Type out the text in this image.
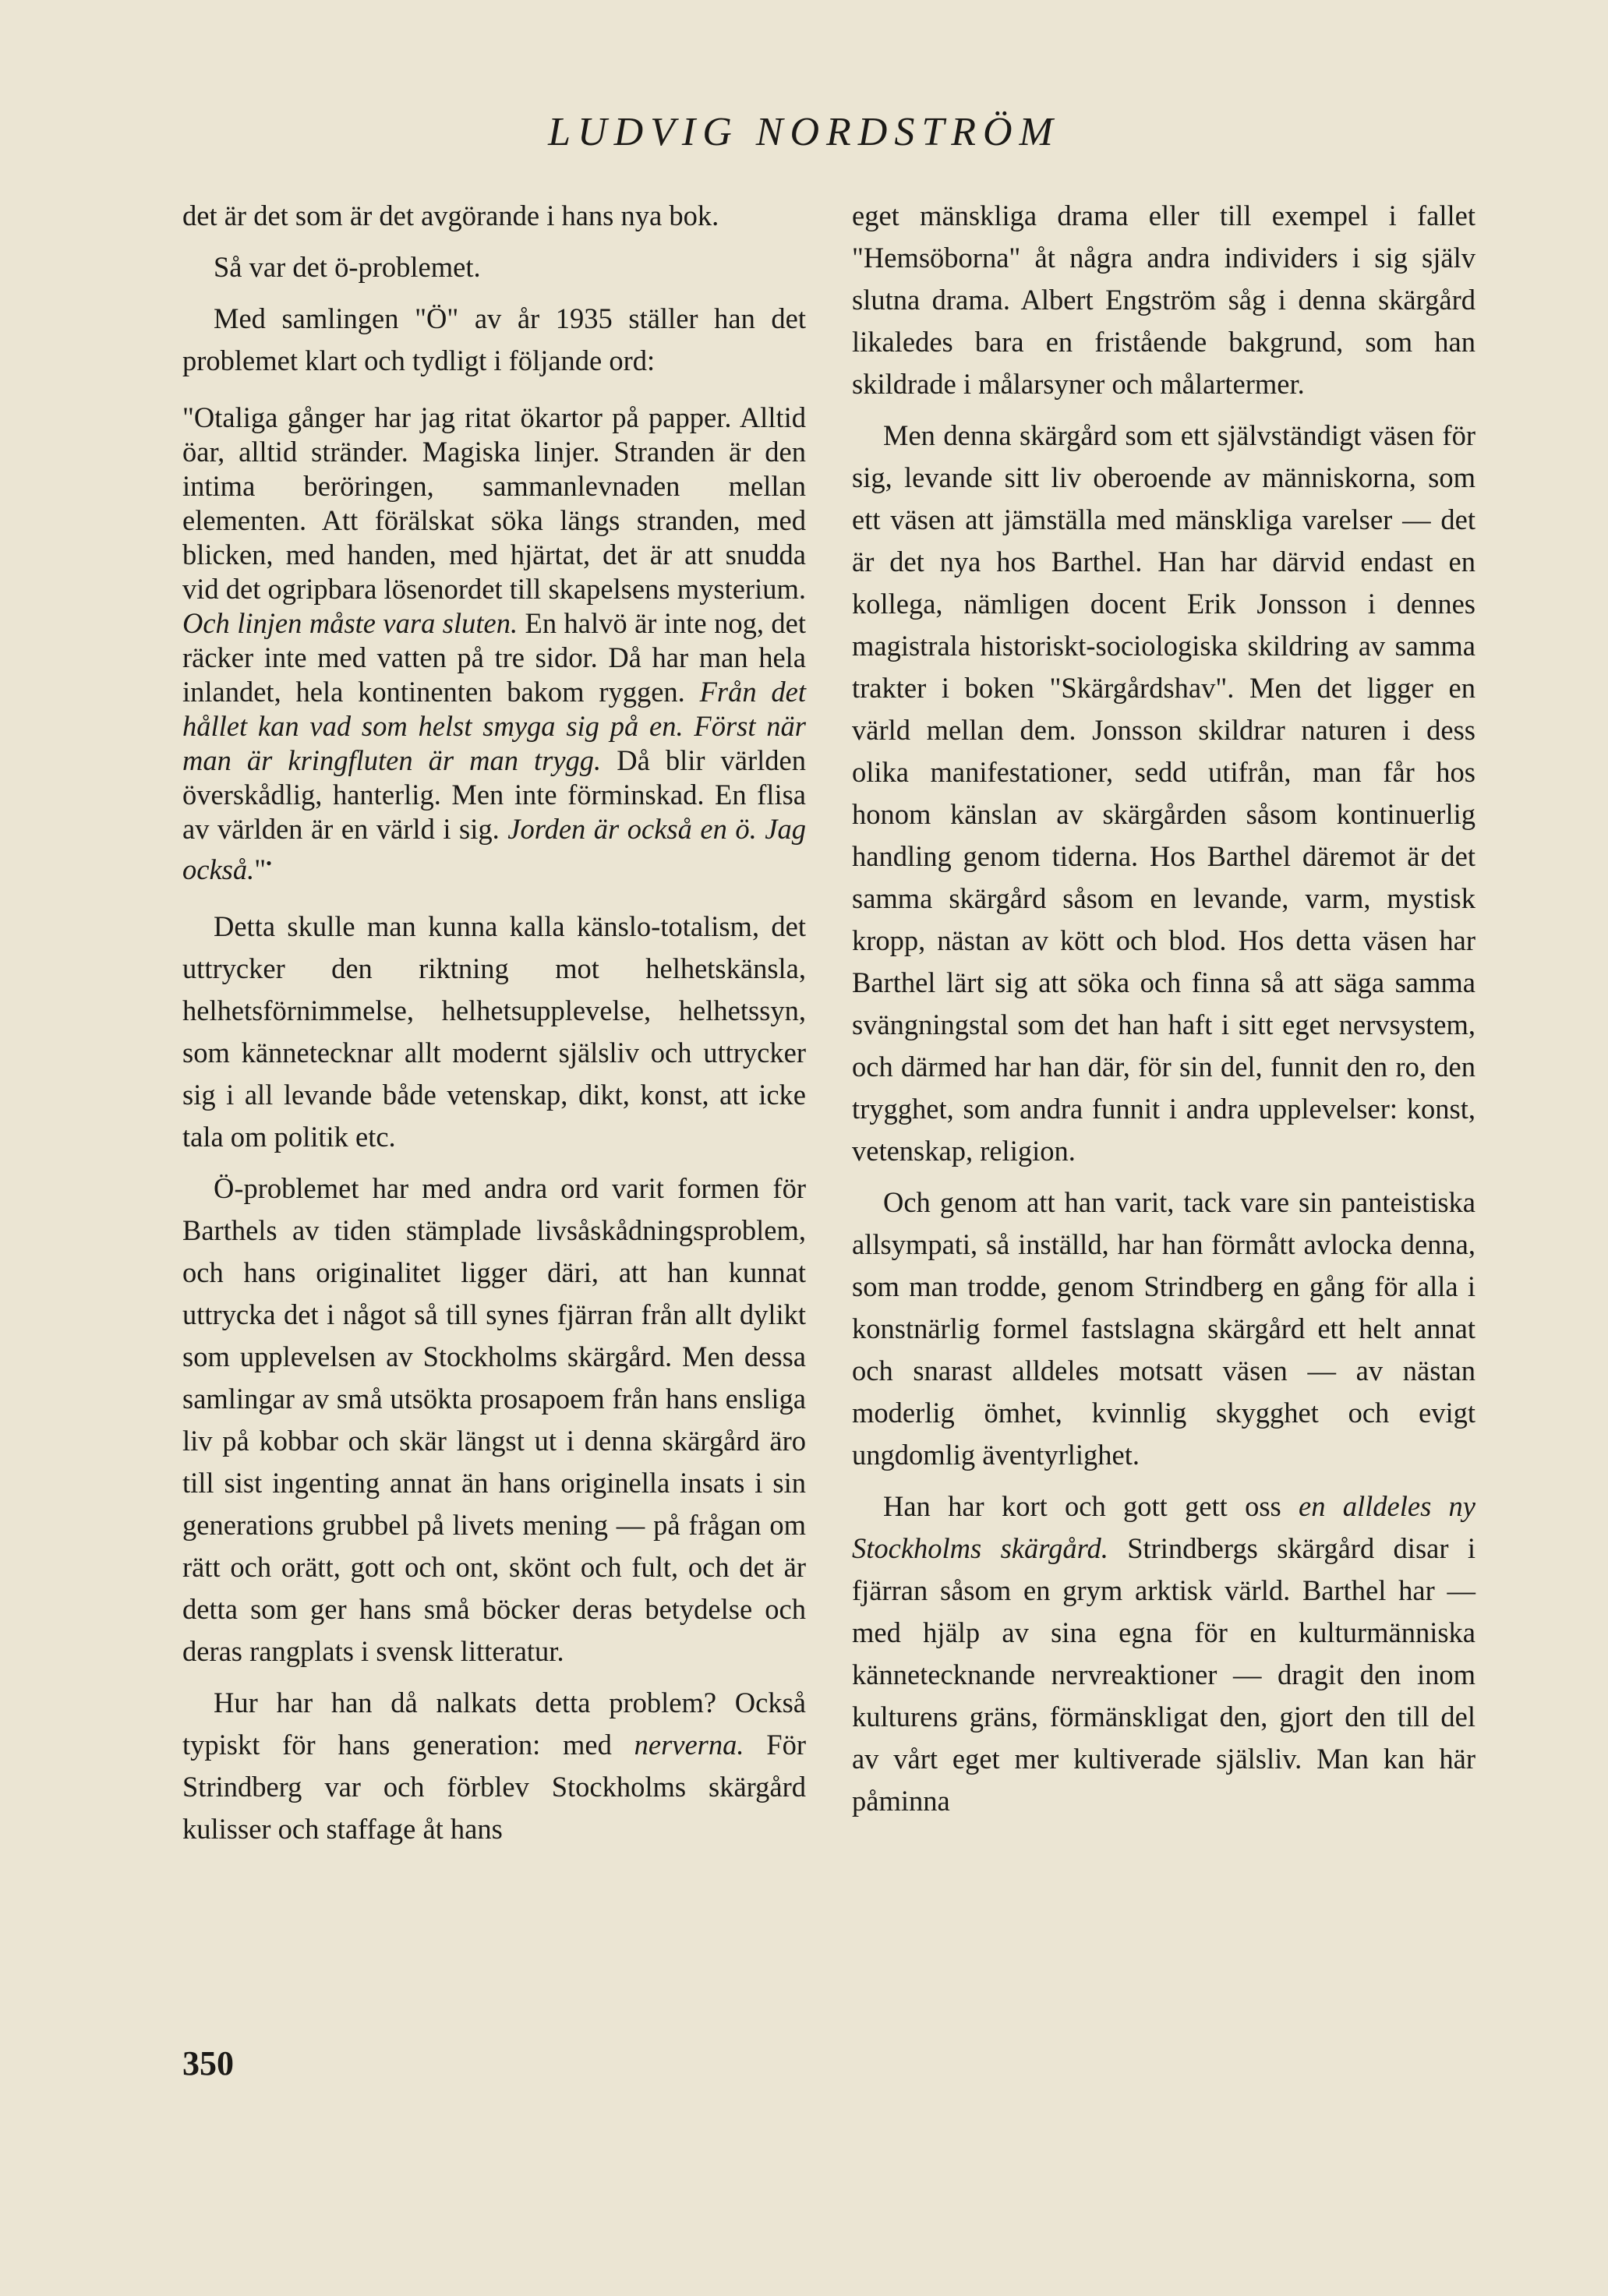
LUDVIG NORDSTRÖM

det är det som är det avgörande i hans nya bok.

Så var det ö-problemet.

Med samlingen "Ö" av år 1935 ställer han det problemet klart och tydligt i följande ord:

"Otaliga gånger har jag ritat ökartor på papper. Alltid öar, alltid stränder. Magiska linjer. Stranden är den intima beröringen, sammanlevnaden mellan elementen. Att förälskat söka längs stranden, med blicken, med handen, med hjärtat, det är att snudda vid det ogripbara lösenordet till skapelsens mysterium. Och linjen måste vara sluten. En halvö är inte nog, det räcker inte med vatten på tre sidor. Då har man hela inlandet, hela kontinenten bakom ryggen. Från det hållet kan vad som helst smyga sig på en. Först när man är kringfluten är man trygg. Då blir världen överskådlig, hanterlig. Men inte förminskad. En flisa av världen är en värld i sig. Jorden är också en ö. Jag också."•

Detta skulle man kunna kalla känslo-totalism, det uttrycker den riktning mot helhetskänsla, helhetsförnimmelse, helhetsupplevelse, helhetssyn, som kännetecknar allt modernt själsliv och uttrycker sig i all levande både vetenskap, dikt, konst, att icke tala om politik etc.

Ö-problemet har med andra ord varit formen för Barthels av tiden stämplade livsåskådningsproblem, och hans originalitet ligger däri, att han kunnat uttrycka det i något så till synes fjärran från allt dylikt som upplevelsen av Stockholms skärgård. Men dessa samlingar av små utsökta prosapoem från hans ensliga liv på kobbar och skär längst ut i denna skärgård äro till sist ingenting annat än hans originella insats i sin generations grubbel på livets mening — på frågan om rätt och orätt, gott och ont, skönt och fult, och det är detta som ger hans små böcker deras betydelse och deras rangplats i svensk litteratur.

Hur har han då nalkats detta problem? Också typiskt för hans generation: med nerverna. För Strindberg var och förblev Stockholms skärgård kulisser och staffage åt hans

eget mänskliga drama eller till exempel i fallet "Hemsöborna" åt några andra individers i sig själv slutna drama. Albert Engström såg i denna skärgård likaledes bara en fristående bakgrund, som han skildrade i målarsyner och målartermer.

Men denna skärgård som ett självständigt väsen för sig, levande sitt liv oberoende av människorna, som ett väsen att jämställa med mänskliga varelser — det är det nya hos Barthel. Han har därvid endast en kollega, nämligen docent Erik Jonsson i dennes magistrala historiskt-sociologiska skildring av samma trakter i boken "Skärgårdshav". Men det ligger en värld mellan dem. Jonsson skildrar naturen i dess olika manifestationer, sedd utifrån, man får hos honom känslan av skärgården såsom kontinuerlig handling genom tiderna. Hos Barthel däremot är det samma skärgård såsom en levande, varm, mystisk kropp, nästan av kött och blod. Hos detta väsen har Barthel lärt sig att söka och finna så att säga samma svängningstal som det han haft i sitt eget nervsystem, och därmed har han där, för sin del, funnit den ro, den trygghet, som andra funnit i andra upplevelser: konst, vetenskap, religion.

Och genom att han varit, tack vare sin panteistiska allsympati, så inställd, har han förmått avlocka denna, som man trodde, genom Strindberg en gång för alla i konstnärlig formel fastslagna skärgård ett helt annat och snarast alldeles motsatt väsen — av nästan moderlig ömhet, kvinnlig skygghet och evigt ungdomlig äventyrlighet.

Han har kort och gott gett oss en alldeles ny Stockholms skärgård. Strindbergs skärgård disar i fjärran såsom en grym arktisk värld. Barthel har — med hjälp av sina egna för en kulturmänniska kännetecknande nervreaktioner — dragit den inom kulturens gräns, förmänskligat den, gjort den till del av vårt eget mer kultiverade själsliv. Man kan här påminna

350
